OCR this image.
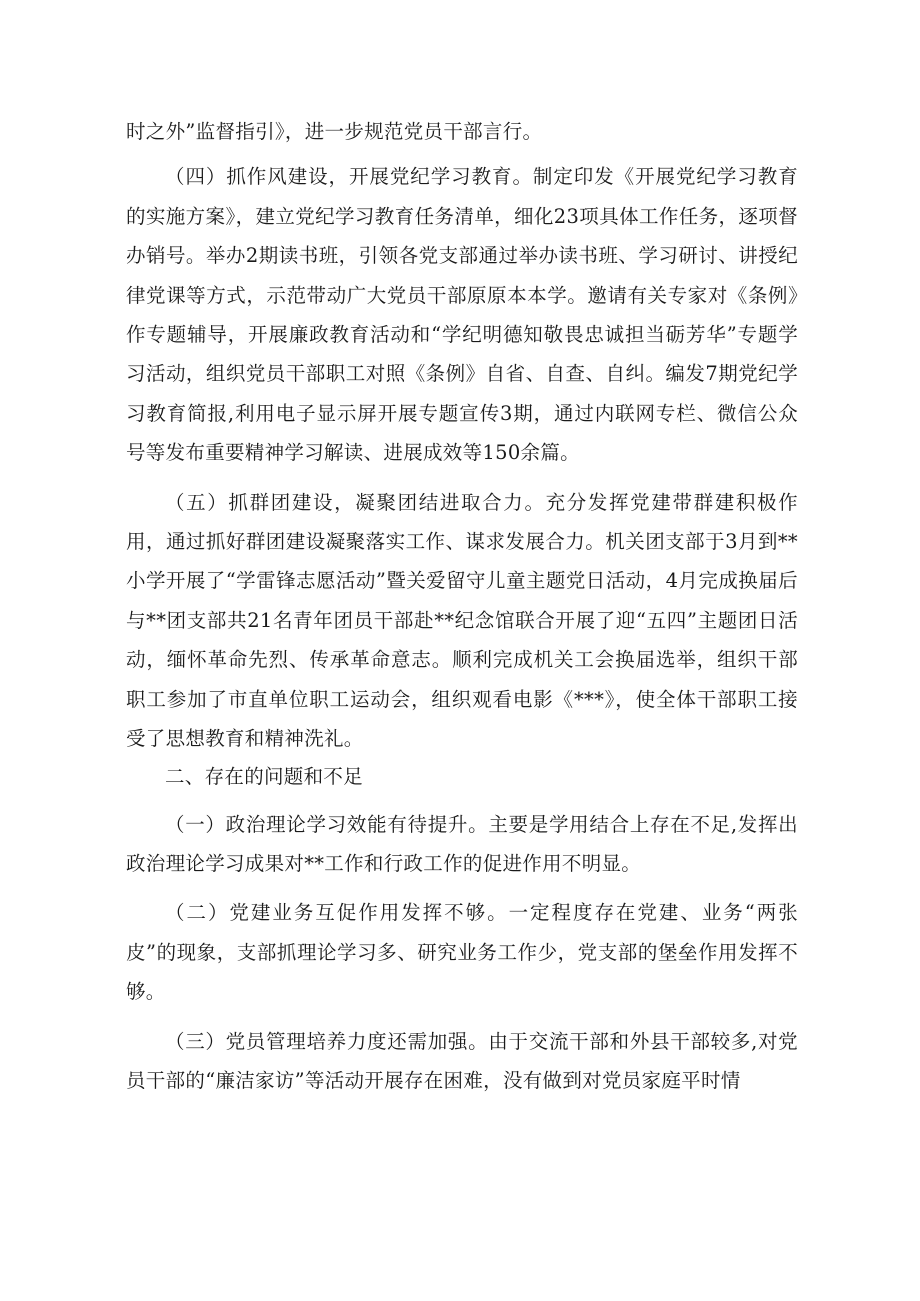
时之外”监督指引》，进一步规范党员干部言行。

（四）抓作风建设，开展党纪学习教育。制定印发《开展党纪学习教育的实施方案》，建立党纪学习教育任务清单，细化23项具体工作任务，逐项督办销号。举办2期读书班，引领各党支部通过举办读书班、学习研讨、讲授纪律党课等方式，示范带动广大党员干部原原本本学。邀请有关专家对《条例》作专题辅导，开展廉政教育活动和“学纪明德知敬畏忠诚担当砺芳华”专题学习活动，组织党员干部职工对照《条例》自省、自查、自纠。编发7期党纪学习教育简报,利用电子显示屏开展专题宣传3期，通过内联网专栏、微信公众号等发布重要精神学习解读、进展成效等150余篇。

（五）抓群团建设，凝聚团结进取合力。充分发挥党建带群建积极作用，通过抓好群团建设凝聚落实工作、谋求发展合力。机关团支部于3月到**小学开展了“学雷锋志愿活动”暨关爱留守儿童主题党日活动，4月完成换届后与**团支部共21名青年团员干部赴**纪念馆联合开展了迎“五四”主题团日活动，缅怀革命先烈、传承革命意志。顺利完成机关工会换届选举，组织干部职工参加了市直单位职工运动会，组织观看电影《***》，使全体干部职工接受了思想教育和精神洗礼。

二、存在的问题和不足

（一）政治理论学习效能有待提升。主要是学用结合上存在不足,发挥出政治理论学习成果对**工作和行政工作的促进作用不明显。

（二）党建业务互促作用发挥不够。一定程度存在党建、业务“两张皮”的现象，支部抓理论学习多、研究业务工作少，党支部的堡垒作用发挥不够。

（三）党员管理培养力度还需加强。由于交流干部和外县干部较多,对党员干部的“廉洁家访”等活动开展存在困难，没有做到对党员家庭平时情
